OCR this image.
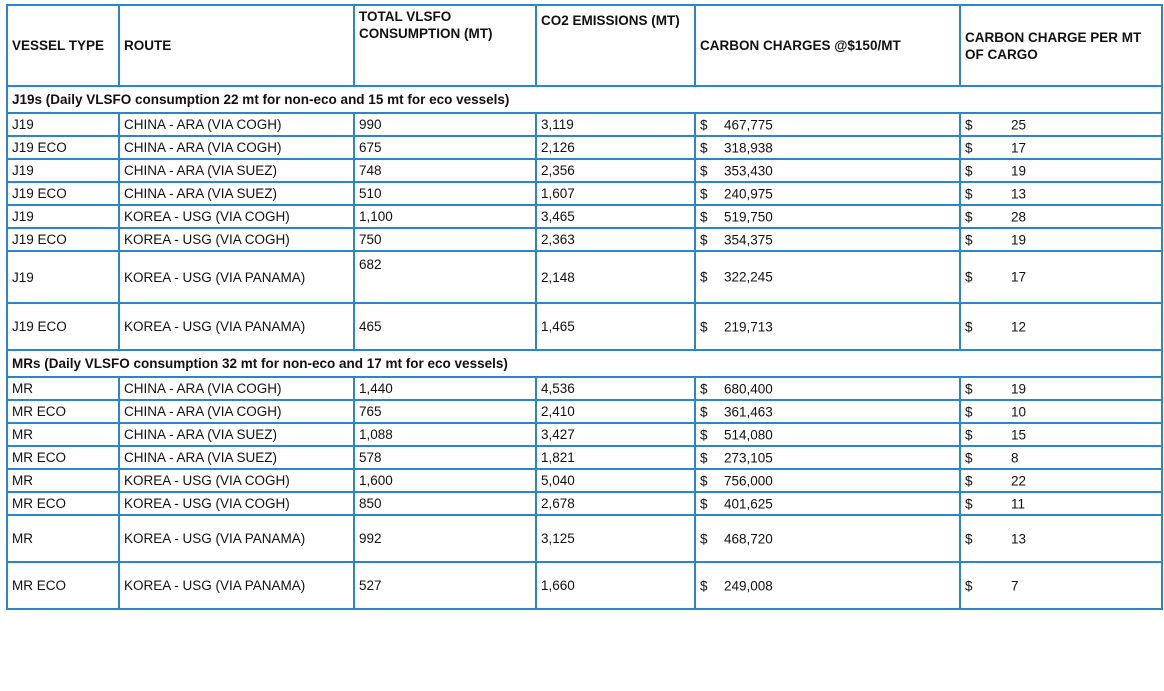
VESSEL TYPE	ROUTE	TOTAL VLSFO CONSUMPTION (MT)	CO2 EMISSIONS (MT)	CARBON CHARGES @$150/MT	CARBON CHARGE PER MT OF CARGO
J19s (Daily VLSFO consumption 22 mt for non-eco and 15 mt for eco vessels)					
J19	CHINA - ARA (VIA COGH)	990	3,119	$ 467,775	$ 25

J19 ECO	CHINA - ARA (VIA COGH)	675	2,126	$ 318,938	$ 17

J19	CHINA - ARA (VIA SUEZ)	748	2,356	$ 353,430	$ 19

J19 ECO	CHINA - ARA (VIA SUEZ)	510	1,607	$ 240,975	$ 13

J19	KOREA - USG (VIA COGH)	1,100	3,465	$ 519,750	$ 28

J19 ECO	KOREA - USG (VIA COGH)	750	2,363	$ 354,375	$ 19

J19	KOREA - USG (VIA PANAMA)	682	2,148	$ 322,245	$ 17

J19 ECO	KOREA - USG (VIA PANAMA)	465	1,465	$ 219,713	$ 12

MRs (Daily VLSFO consumption 32 mt for non-eco and 17 mt for eco vessels)					
MR	CHINA - ARA (VIA COGH)	1,440	4,536	$ 680,400	$ 19

MR ECO	CHINA - ARA (VIA COGH)	765	2,410	$ 361,463	$ 10

MR	CHINA - ARA (VIA SUEZ)	1,088	3,427	$ 514,080	$ 15

MR ECO	CHINA - ARA (VIA SUEZ)	578	1,821	$ 273,105	$ 8

MR	KOREA - USG (VIA COGH)	1,600	5,040	$ 756,000	$ 22

MR ECO	KOREA - USG (VIA COGH)	850	2,678	$ 401,625	$ 11

MR	KOREA - USG (VIA PANAMA)	992	3,125	$ 468,720	$ 13

MR ECO	KOREA - USG (VIA PANAMA)	527	1,660	$ 249,008	$ 7
